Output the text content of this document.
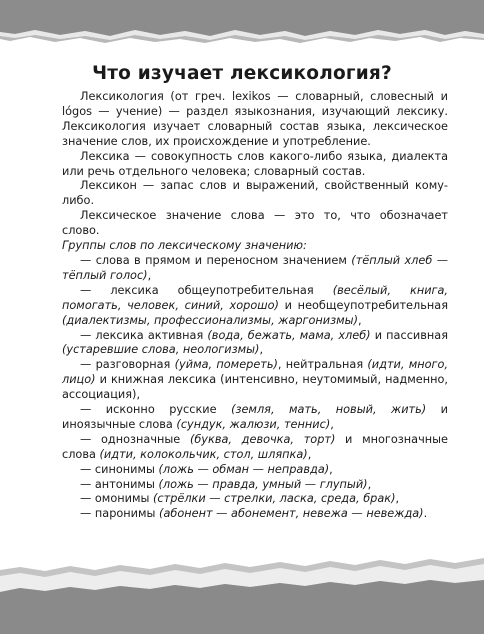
Что изучает лексикология?

Лексикология (от греч. lexikos — словарный, словесный и lógos — учение) — раздел языкознания, изучающий лексику. Лексикология изучает словарный состав языка, лексическое значение слов, их происхождение и употребление.

Лексика — совокупность слов какого-либо языка, диалекта или речь отдельного человека; словарный состав.

Лексикон — запас слов и выражений, свойственный кому-либо.

Лексическое значение слова — это то, что обозначает слово.

Группы слов по лексическому значению:

— слова в прямом и переносном значением (тёплый хлеб — тёплый голос),

— лексика общеупотребительная (весёлый, книга, помогать, человек, синий, хорошо) и необщеупотребительная (диалектизмы, профессионализмы, жаргонизмы),

— лексика активная (вода, бежать, мама, хлеб) и пассивная (устаревшие слова, неологизмы),

— разговорная (уйма, помереть), нейтральная (идти, много, лицо) и книжная лексика (интенсивно, неутомимый, надменно, ассоциация),

— исконно русские (земля, мать, новый, жить) и иноязычные слова (сундук, жалюзи, теннис),

— однозначные (буква, девочка, торт) и многозначные слова (идти, колокольчик, стол, шляпка),

— синонимы (ложь — обман — неправда),

— антонимы (ложь — правда, умный — глупый),

— омонимы (стрёлки — стрелки, ласка, среда, брак),

— паронимы (абонент — абонемент, невежа — невежда).
